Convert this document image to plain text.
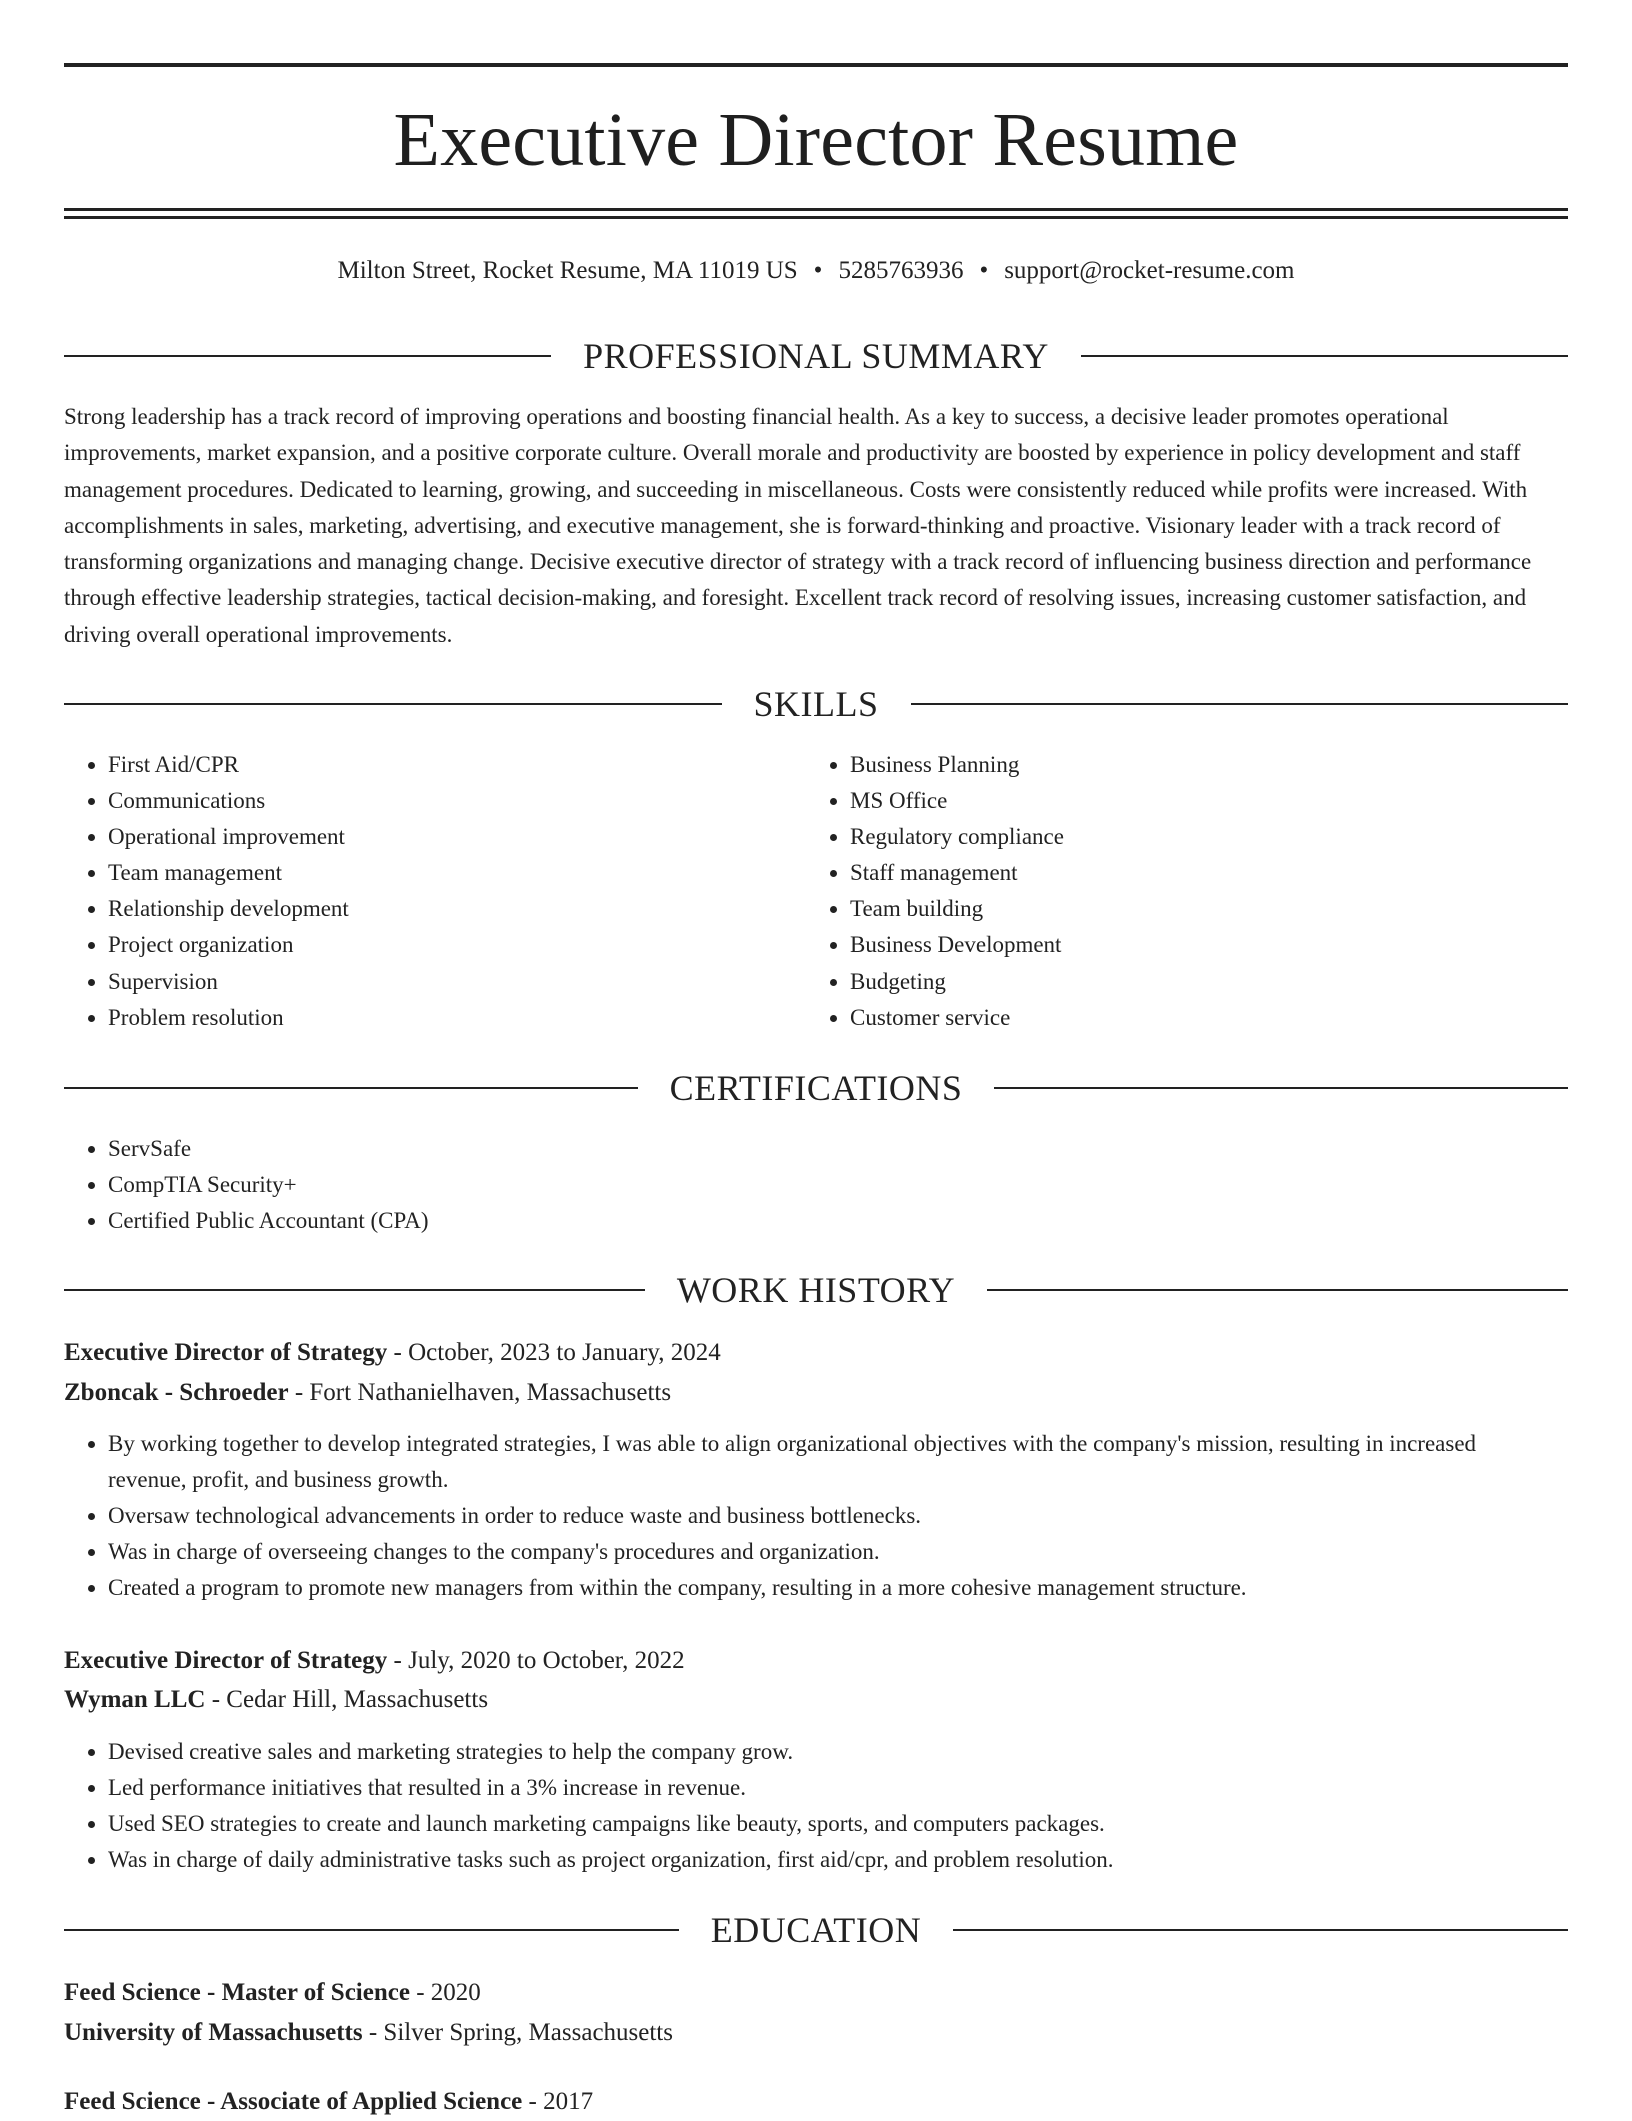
Executive Director Resume
Milton Street, Rocket Resume, MA 11019 US • 5285763936 • support@rocket-resume.com
PROFESSIONAL SUMMARY
Strong leadership has a track record of improving operations and boosting financial health. As a key to success, a decisive leader promotes operational improvements, market expansion, and a positive corporate culture. Overall morale and productivity are boosted by experience in policy development and staff management procedures. Dedicated to learning, growing, and succeeding in miscellaneous. Costs were consistently reduced while profits were increased. With accomplishments in sales, marketing, advertising, and executive management, she is forward-thinking and proactive. Visionary leader with a track record of transforming organizations and managing change. Decisive executive director of strategy with a track record of influencing business direction and performance through effective leadership strategies, tactical decision-making, and foresight. Excellent track record of resolving issues, increasing customer satisfaction, and driving overall operational improvements.
SKILLS
• First Aid/CPR
• Communications
• Operational improvement
• Team management
• Relationship development
• Project organization
• Supervision
• Problem resolution
• Business Planning
• MS Office
• Regulatory compliance
• Staff management
• Team building
• Business Development
• Budgeting
• Customer service
CERTIFICATIONS
• ServSafe
• CompTIA Security+
• Certified Public Accountant (CPA)
WORK HISTORY
Executive Director of Strategy - October, 2023 to January, 2024
Zboncak - Schroeder - Fort Nathanielhaven, Massachusetts
• By working together to develop integrated strategies, I was able to align organizational objectives with the company's mission, resulting in increased revenue, profit, and business growth.
• Oversaw technological advancements in order to reduce waste and business bottlenecks.
• Was in charge of overseeing changes to the company's procedures and organization.
• Created a program to promote new managers from within the company, resulting in a more cohesive management structure.
Executive Director of Strategy - July, 2020 to October, 2022
Wyman LLC - Cedar Hill, Massachusetts
• Devised creative sales and marketing strategies to help the company grow.
• Led performance initiatives that resulted in a 3% increase in revenue.
• Used SEO strategies to create and launch marketing campaigns like beauty, sports, and computers packages.
• Was in charge of daily administrative tasks such as project organization, first aid/cpr, and problem resolution.
EDUCATION
Feed Science - Master of Science - 2020
University of Massachusetts - Silver Spring, Massachusetts
Feed Science - Associate of Applied Science - 2017
